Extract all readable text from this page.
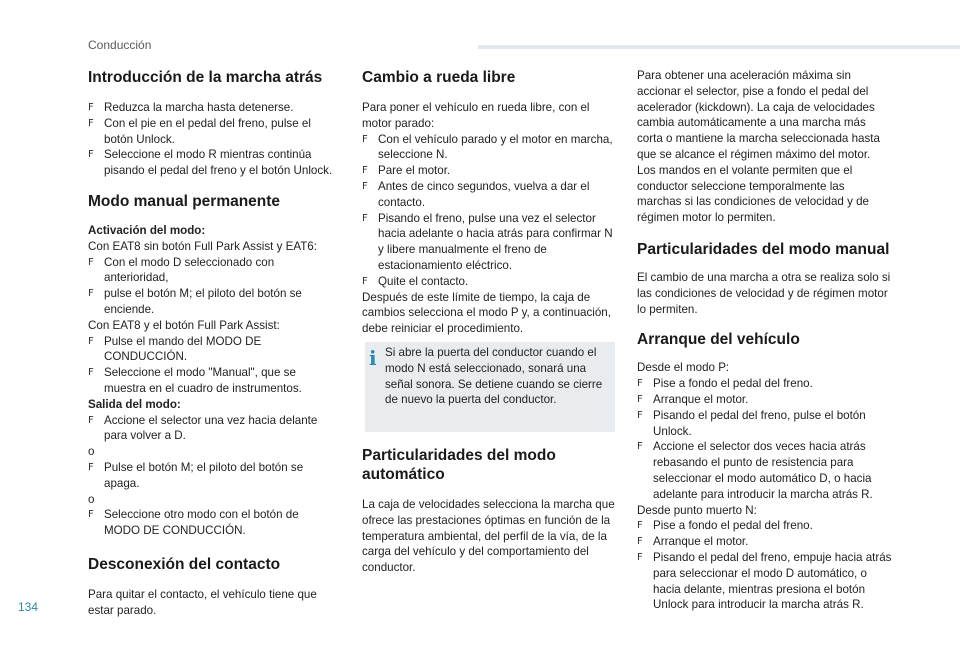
Conducción
Introducción de la marcha atrás
F Reduzca la marcha hasta detenerse.
F Con el pie en el pedal del freno, pulse el botón Unlock.
F Seleccione el modo R mientras continúa pisando el pedal del freno y el botón Unlock.
Modo manual permanente

Activación del modo:

Con EAT8 sin botón Full Park Assist y EAT6:

F Con el modo D seleccionado con anterioridad,
F pulse el botón M; el piloto del botón se enciende.

Con EAT8 y el botón Full Park Assist:

F Pulse el mando del MODO DE CONDUCCIÓN.
F Seleccione el modo "Manual", que se muestra en el cuadro de instrumentos.

Salida del modo:

F Accione el selector una vez hacia delante para volver a D.

o

F Pulse el botón M; el piloto del botón se apaga.

o

F Seleccione otro modo con el botón de MODO DE CONDUCCIÓN.
Desconexión del contacto

Para quitar el contacto, el vehículo tiene que estar parado.

Cambio a rueda libre

Para poner el vehículo en rueda libre, con el motor parado:

F Con el vehículo parado y el motor en marcha, seleccione N.
F Pare el motor.
F Antes de cinco segundos, vuelva a dar el contacto.
F Pisando el freno, pulse una vez el selector hacia adelante o hacia atrás para confirmar N y libere manualmente el freno de estacionamiento eléctrico.
F Quite el contacto.

Después de este límite de tiempo, la caja de cambios selecciona el modo P y, a continuación, debe reiniciar el procedimiento.

i Si abre la puerta del conductor cuando el modo N está seleccionado, sonará una señal sonora. Se detiene cuando se cierre de nuevo la puerta del conductor.
Particularidades del modo automático

La caja de velocidades selecciona la marcha que ofrece las prestaciones óptimas en función de la temperatura ambiental, del perfil de la vía, de la carga del vehículo y del comportamiento del conductor.

Para obtener una aceleración máxima sin accionar el selector, pise a fondo el pedal del acelerador (kickdown). La caja de velocidades cambia automáticamente a una marcha más corta o mantiene la marcha seleccionada hasta que se alcance el régimen máximo del motor. Los mandos en el volante permiten que el conductor seleccione temporalmente las marchas si las condiciones de velocidad y de régimen motor lo permiten.

Particularidades del modo manual

El cambio de una marcha a otra se realiza solo si las condiciones de velocidad y de régimen motor lo permiten.

Arranque del vehículo

Desde el modo P:

F Pise a fondo el pedal del freno.
F Arranque el motor.
F Pisando el pedal del freno, pulse el botón Unlock.
F Accione el selector dos veces hacia atrás rebasando el punto de resistencia para seleccionar el modo automático D, o hacia adelante para introducir la marcha atrás R.

Desde punto muerto N:

F Pise a fondo el pedal del freno.
F Arranque el motor.
F Pisando el pedal del freno, empuje hacia atrás para seleccionar el modo D automático, o hacia delante, mientras presiona el botón Unlock para introducir la marcha atrás R.
134
